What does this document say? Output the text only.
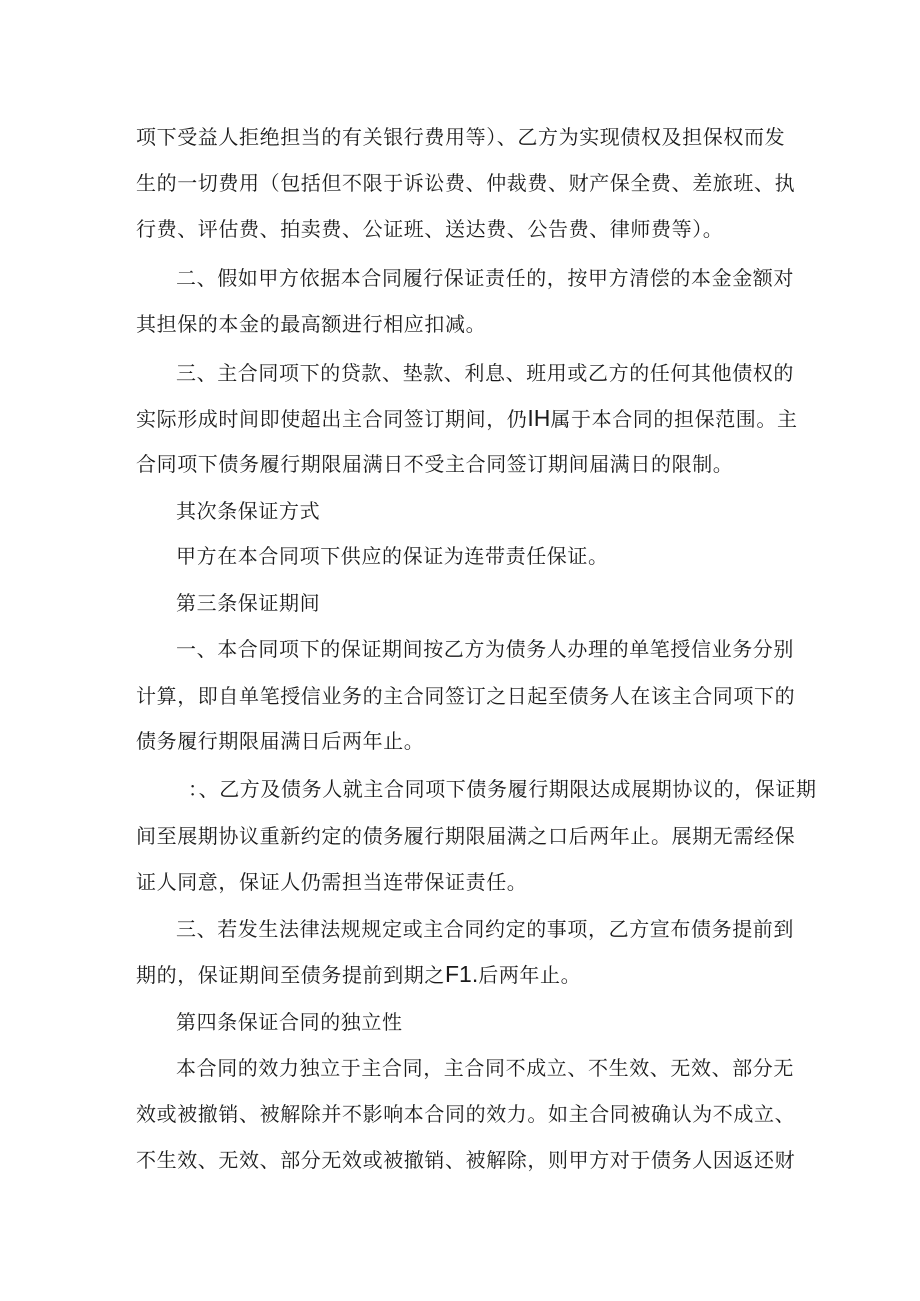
项下受益人拒绝担当的有关银行费用等）、乙方为实现债权及担保权而发
生的一切费用（包括但不限于诉讼费、仲裁费、财产保全费、差旅班、执
行费、评估费、拍卖费、公证班、送达费、公告费、律师费等）。
二、假如甲方依据本合同履行保证责任的，按甲方清偿的本金金额对
其担保的本金的最高额进行相应扣减。
三、主合同项下的贷款、垫款、利息、班用或乙方的任何其他债权的
实际形成时间即使超出主合同签订期间，仍IH属于本合同的担保范围。主
合同项下债务履行期限届满日不受主合同签订期间届满日的限制。
其次条保证方式
甲方在本合同项下供应的保证为连带责任保证。
第三条保证期间
一、本合同项下的保证期间按乙方为债务人办理的单笔授信业务分别
计算，即自单笔授信业务的主合同签订之日起至债务人在该主合同项下的
债务履行期限届满日后两年止。
：、乙方及债务人就主合同项下债务履行期限达成展期协议的，保证期
间至展期协议重新约定的债务履行期限届满之口后两年止。展期无需经保
证人同意，保证人仍需担当连带保证责任。
三、若发生法律法规规定或主合同约定的事项，乙方宣布债务提前到
期的，保证期间至债务提前到期之F1.后两年止。
第四条保证合同的独立性
本合同的效力独立于主合同，主合同不成立、不生效、无效、部分无
效或被撤销、被解除并不影响本合同的效力。如主合同被确认为不成立、
不生效、无效、部分无效或被撤销、被解除，则甲方对于债务人因返还财
